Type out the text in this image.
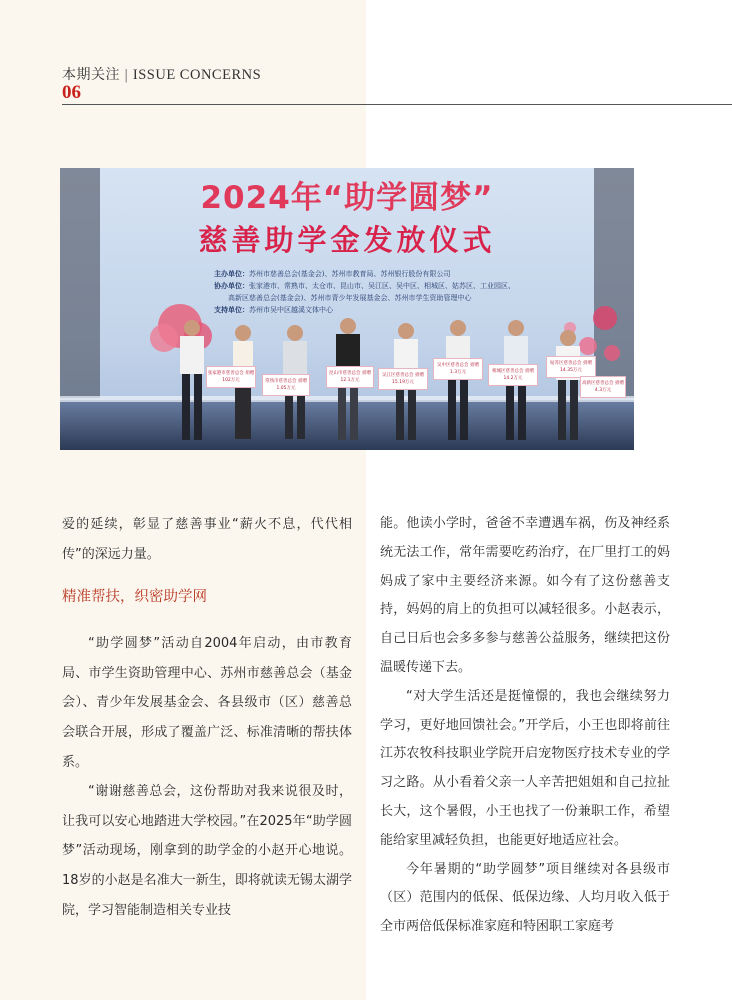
本期关注 | ISSUE CONCERNS
06
2024年“助学圆梦”
慈善助学金发放仪式
主办单位：苏州市慈善总会(基金会)、苏州市教育局、苏州银行股份有限公司
协办单位：张家港市、常熟市、太仓市、昆山市、吴江区、吴中区、相城区、姑苏区、工业园区、
高新区慈善总会(基金会)、苏州市青少年发展基金会、苏州市学生资助管理中心
支持单位：苏州市吴中区越溪文体中心
张家港市慈善总会 捐赠102万元	常熟市慈善总会 捐赠1.05万元
昆山市慈善总会 捐赠12.1万元
吴江区慈善总会 捐赠15.19万元
吴中区慈善总会 捐赠1.3万元	相城区慈善总会 捐赠14.2万元
姑苏区慈善总会 捐赠14.35万元
高新区慈善总会 捐赠4.3万元

爱的延续，彰显了慈善事业“薪火不息，代代相传”的深远力量。

精准帮扶，织密助学网

“助学圆梦”活动自2004年启动，由市教育局、市学生资助管理中心、苏州市慈善总会（基金会）、青少年发展基金会、各县级市（区）慈善总会联合开展，形成了覆盖广泛、标准清晰的帮扶体系。

“谢谢慈善总会，这份帮助对我来说很及时，让我可以安心地踏进大学校园。”在2025年“助学圆梦”活动现场，刚拿到的助学金的小赵开心地说。18岁的小赵是名准大一新生，即将就读无锡太湖学院，学习智能制造相关专业技

能。他读小学时，爸爸不幸遭遇车祸，伤及神经系统无法工作，常年需要吃药治疗，在厂里打工的妈妈成了家中主要经济来源。如今有了这份慈善支持，妈妈的肩上的负担可以减轻很多。小赵表示，自己日后也会多多参与慈善公益服务，继续把这份温暖传递下去。

“对大学生活还是挺憧憬的，我也会继续努力学习，更好地回馈社会。”开学后，小王也即将前往江苏农牧科技职业学院开启宠物医疗技术专业的学习之路。从小看着父亲一人辛苦把姐姐和自己拉扯长大，这个暑假，小王也找了一份兼职工作，希望能给家里减轻负担，也能更好地适应社会。

今年暑期的“助学圆梦”项目继续对各县级市（区）范围内的低保、低保边缘、人均月收入低于全市两倍低保标准家庭和特困职工家庭考
